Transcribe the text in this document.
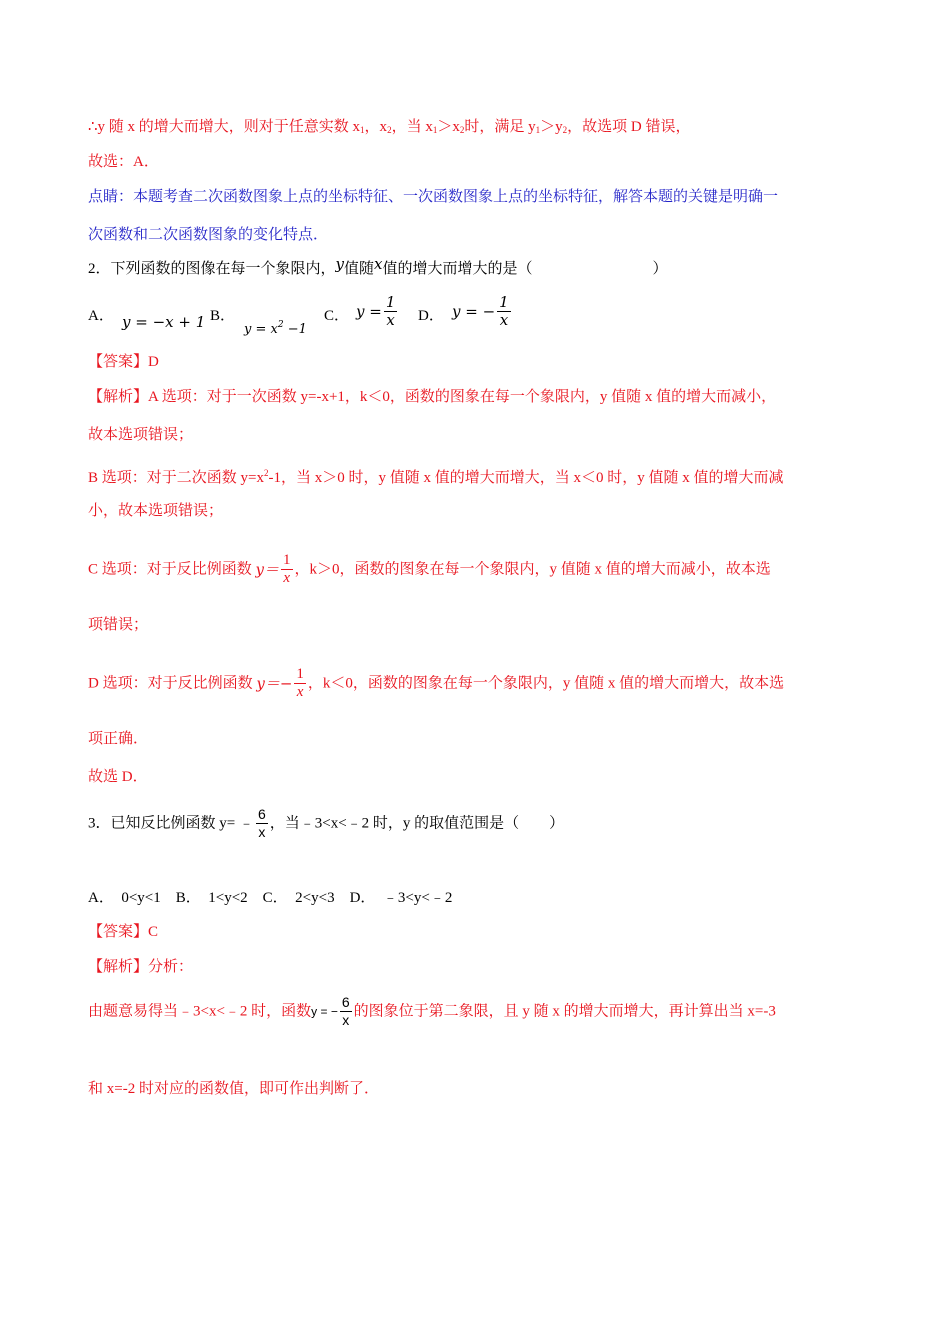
∴y 随 x 的增大而增大，则对于任意实数 $x_1$，$x_2$，当 $x_1>x_2$时，满足 $y_1>y_2$，故选项 D 错误，
故选：A．
点睛：本题考查二次函数图象上点的坐标特征、一次函数图象上点的坐标特征，解答本题的关键是明确一
次函数和二次函数图象的变化特点．
2．下列函数的图像在每一个象限内，y值随x值的增大而增大的是（　　　　　　　　）
A． y = −x + 1 B．
$y = x^2 -1$
C． $y = \frac{1}{x}$ D． y = − $\frac{1}{x}$
【答案】D
【解析】A 选项：对于一次函数 y=-x+1，k＜0，函数的图象在每一个象限内，y 值随 x 值的增大而减小，
故本选项错误；
B 选项：对于二次函数 $y=x^2-1$，当 x＞0 时，y 值随 x 值的增大而增大，当 x＜0 时，y 值随 x 值的增大而减
小，故本选项错误；
C 选项：对于反比例函数 $y= \frac{1}{x}$ ，k＞0，函数的图象在每一个象限内，y 值随 x 值的增大而减小，故本选
项错误；
D 选项：对于反比例函数 $y=- \frac{1}{x}$ ，k＜0，函数的图象在每一个象限内，y 值随 x 值的增大而增大，故本选
项正确．
故选 D．
3．已知反比例函数 y= ﹣ $\frac{6}{x}$ ，当﹣3<x<﹣2 时，y 的取值范围是（　　）
A．  0<y<1    B．  1<y<2    C．  2<y<3    D．  ﹣3<y<﹣2
【答案】C
【解析】分析：
由题意易得当﹣3<x<﹣2 时，函数y = − $\frac{6}{x}$ 的图象位于第二象限，且 y 随 x 的增大而增大，再计算出当 x=-3
和 x=-2 时对应的函数值，即可作出判断了．
